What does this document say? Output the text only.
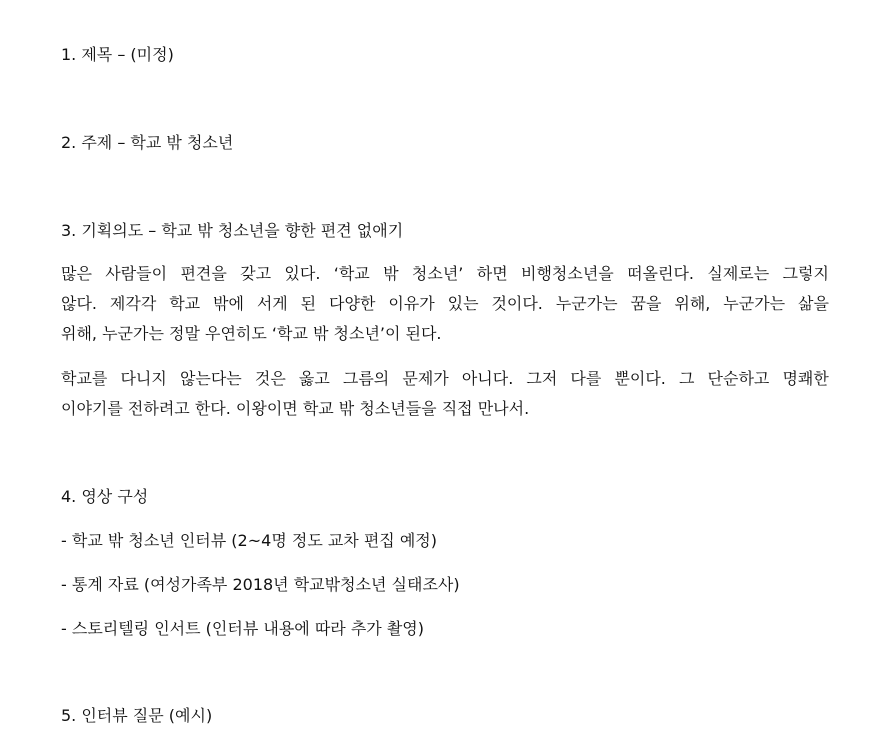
1. 제목 – (미정)
2. 주제 – 학교 밖 청소년
3. 기획의도 – 학교 밖 청소년을 향한 편견 없애기
많은 사람들이 편견을 갖고 있다. ‘학교 밖 청소년’ 하면 비행청소년을 떠올린다. 실제로는 그렇지
않다. 제각각 학교 밖에 서게 된 다양한 이유가 있는 것이다. 누군가는 꿈을 위해, 누군가는 삶을
위해, 누군가는 정말 우연히도 ‘학교 밖 청소년’이 된다.
학교를 다니지 않는다는 것은 옳고 그름의 문제가 아니다. 그저 다를 뿐이다. 그 단순하고 명쾌한
이야기를 전하려고 한다. 이왕이면 학교 밖 청소년들을 직접 만나서.
4. 영상 구성
- 학교 밖 청소년 인터뷰 (2~4명 정도 교차 편집 예정)
- 통계 자료 (여성가족부 2018년 학교밖청소년 실태조사)
- 스토리텔링 인서트 (인터뷰 내용에 따라 추가 촬영)
5. 인터뷰 질문 (예시)
